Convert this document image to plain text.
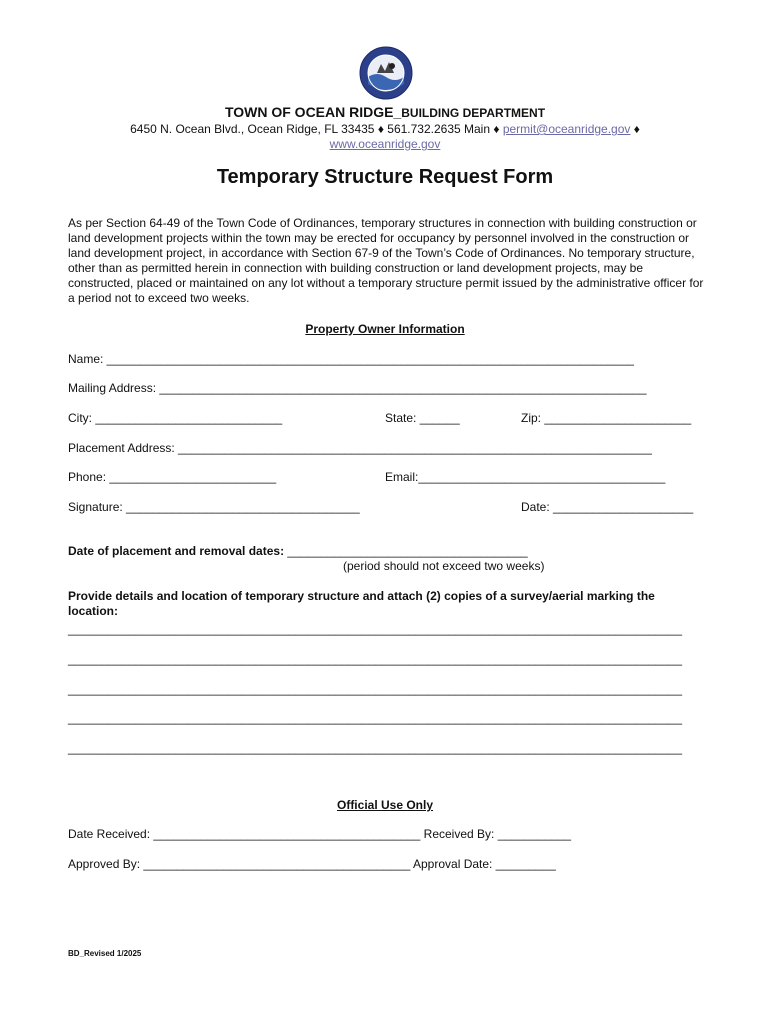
TOWN OF OCEAN RIDGE_BUILDING DEPARTMENT
6450 N. Ocean Blvd., Ocean Ridge, FL 33435 ♦ 561.732.2635 Main ♦ permit@oceanridge.gov ♦
www.oceanridge.gov
Temporary Structure Request Form
As per Section 64-49 of the Town Code of Ordinances, temporary structures in connection with building construction or land development projects within the town may be erected for occupancy by personnel involved in the construction or land development project, in accordance with Section 67-9 of the Town’s Code of Ordinances. No temporary structure, other than as permitted herein in connection with building construction or land development projects, may be constructed, placed or maintained on any lot without a temporary structure permit issued by the administrative officer for a period not to exceed two weeks.
Property Owner Information
Name: _______________________________________________________________________________
Mailing Address: _________________________________________________________________________
City: ____________________________	State: ______	Zip: ______________________
Placement Address: _______________________________________________________________________
Phone: _________________________	Email:_____________________________________
Signature: ___________________________________	Date: _____________________
Date of placement and removal dates: ____________________________________
(period should not exceed two weeks)
Provide details and location of temporary structure and attach (2) copies of a survey/aerial marking the location:
____________________________________________________________________________________________
____________________________________________________________________________________________
____________________________________________________________________________________________
____________________________________________________________________________________________
____________________________________________________________________________________________
Official Use Only
Date Received: ________________________________________ Received By: ___________
Approved By: ________________________________________ Approval Date: _________
BD_Revised 1/2025
